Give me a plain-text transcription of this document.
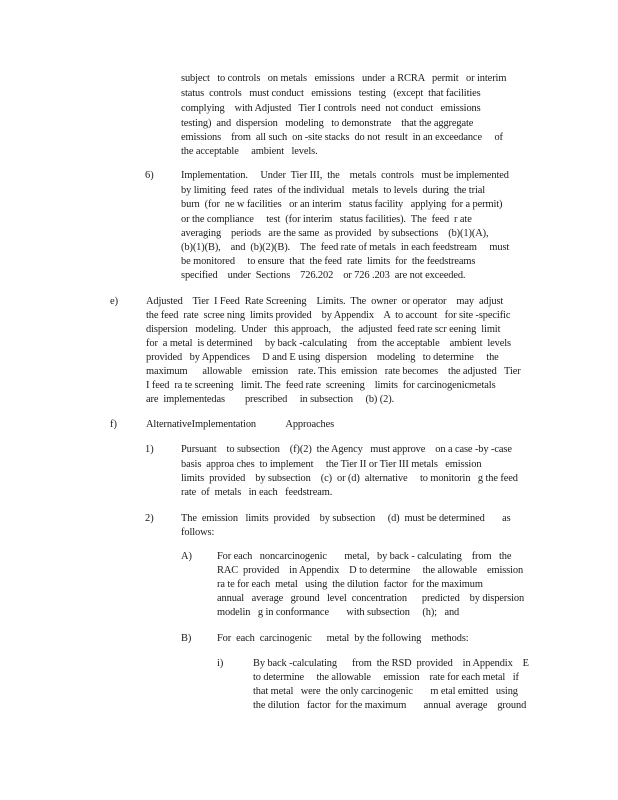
subject   to controls   on metals   emissions   under  a RCRA   permit   or interim
status  controls   must conduct   emissions   testing   (except  that facilities
complying    with Adjusted   Tier I controls  need  not conduct   emissions
testing)  and  dispersion   modeling   to demonstrate    that the aggregate
emissions    from  all such  on -site stacks  do not  result  in an exceedance     of
the acceptable     ambient   levels.
6)	Implementation.     Under  Tier III,  the    metals  controls   must be implemented
by limiting  feed  rates  of the individual   metals  to levels  during  the trial
burn  (for  ne w facilities   or an interim   status facility   applying  for a permit)
or the compliance     test  (for interim   status facilities).  The  feed  r ate
averaging    periods   are the same  as provided   by subsections    (b)(1)(A),
(b)(1)(B),    and  (b)(2)(B).    The  feed rate of metals  in each feedstream     must
be monitored     to ensure  that  the feed  rate  limits  for  the feedstreams
specified    under  Sections    726.202    or 726 .203  are not exceeded.
e)	Adjusted    Tier  I Feed  Rate Screening    Limits.  The  owner  or operator    may  adjust
the feed  rate  scree ning  limits provided    by Appendix    A  to account   for site -specific
dispersion   modeling.  Under   this approach,    the  adjusted  feed rate scr eening  limit
for  a metal  is determined     by back -calculating    from  the acceptable    ambient  levels
provided   by Appendices     D and E using  dispersion    modeling   to determine     the
maximum      allowable    emission    rate. This  emission   rate becomes    the adjusted   Tier
I feed  ra te screening   limit. The  feed rate  screening    limits  for carcinogenicmetals
are  implementedas        prescribed     in subsection     (b) (2).
f)	AlternativeImplementation            Approaches
1)	Pursuant    to subsection    (f)(2)  the Agency   must approve    on a case -by -case
basis  approa ches  to implement     the Tier II or Tier III metals   emission
limits  provided    by subsection    (c)  or (d)  alternative     to monitorin   g the feed
rate  of  metals   in each   feedstream.
2)	The  emission   limits  provided    by subsection     (d)  must be determined       as
follows:
A) For each   noncarcinogenic       metal,   by back - calculating    from   the
RAC  provided    in Appendix    D to determine     the allowable    emission
ra te for each  metal   using  the dilution  factor  for the maximum
annual   average   ground   level  concentration      predicted    by dispersion
modelin   g in conformance       with subsection     (h);   and
B) For  each  carcinogenic      metal  by the following    methods:
i)	By back -calculating      from  the RSD  provided    in Appendix    E
to determine     the allowable     emission    rate for each metal   if
that metal   were  the only carcinogenic       m etal emitted   using
the dilution   factor  for the maximum       annual  average    ground
